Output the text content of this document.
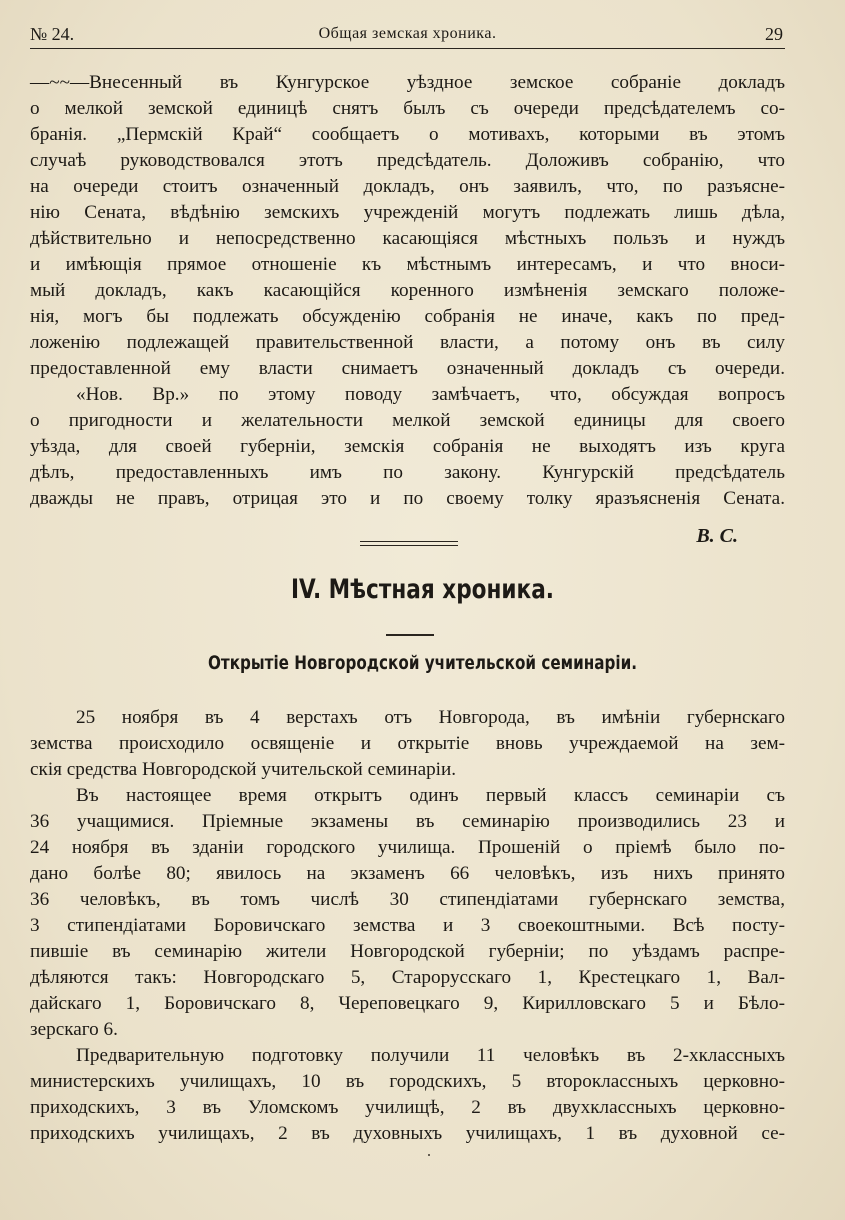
№ 24.	Общая земская хроника.	29
—~~—Внесенный въ Кунгурское уѣздное земское собраніе докладъ
о мелкой земской единицѣ снятъ былъ съ очереди предсѣдателемъ со-
бранія. „Пермскій Край“ сообщаетъ о мотивахъ, которыми въ этомъ
случаѣ руководствовался этотъ предсѣдатель. Доложивъ собранію, что
на очереди стоитъ означенный докладъ, онъ заявилъ, что, по разъясне-
нію Сената, вѣдѣнію земскихъ учрежденій могутъ подлежать лишь дѣла,
дѣйствительно и непосредственно касающіяся мѣстныхъ пользъ и нуждъ
и имѣющія прямое отношеніе къ мѣстнымъ интересамъ, и что вноси-
мый докладъ, какъ касающійся коренного измѣненія земскаго положе-
нія, могъ бы подлежать обсужденію собранія не иначе, какъ по пред-
ложенію подлежащей правительственной власти, а потому онъ въ силу
предоставленной ему власти снимаетъ означенный докладъ съ очереди.
«Нов. Вр.» по этому поводу замѣчаетъ, что, обсуждая вопросъ
о пригодности и желательности мелкой земской единицы для своего
уѣзда, для своей губерніи, земскія собранія не выходятъ изъ круга
дѣлъ, предоставленныхъ имъ по закону. Кунгурскій предсѣдатель
дважды не правъ, отрицая это и по своему толку яразъясненія Сената.
В. С.
IV. Мѣстная хроника.
Открытіе Новгородской учительской семинаріи.
25 ноября въ 4 верстахъ отъ Новгорода, въ имѣніи губернскаго
земства происходило освященіе и открытіе вновь учреждаемой на зем-
скія средства Новгородской учительской семинаріи.
Въ настоящее время открытъ одинъ первый классъ семинаріи съ
36 учащимися. Пріемные экзамены въ семинарію производились 23 и
24 ноября въ зданіи городского училища. Прошеній о пріемѣ было по-
дано болѣе 80; явилось на экзаменъ 66 человѣкъ, изъ нихъ принято
36 человѣкъ, въ томъ числѣ 30 стипендіатами губернскаго земства,
3 стипендіатами Боровичскаго земства и 3 своекоштными. Всѣ посту-
пившіе въ семинарію жители Новгородской губерніи; по уѣздамъ распре-
дѣляются такъ: Новгородскаго 5, Старорусскаго 1, Крестецкаго 1, Вал-
дайскаго 1, Боровичскаго 8, Череповецкаго 9, Кирилловскаго 5 и Бѣло-
зерскаго 6.
Предварительную подготовку получили 11 человѣкъ въ 2-хклассныхъ
министерскихъ училищахъ, 10 въ городскихъ, 5 второклассныхъ церковно-
приходскихъ, 3 въ Уломскомъ училищѣ, 2 въ двухклассныхъ церковно-
приходскихъ училищахъ, 2 въ духовныхъ училищахъ, 1 въ духовной се-
